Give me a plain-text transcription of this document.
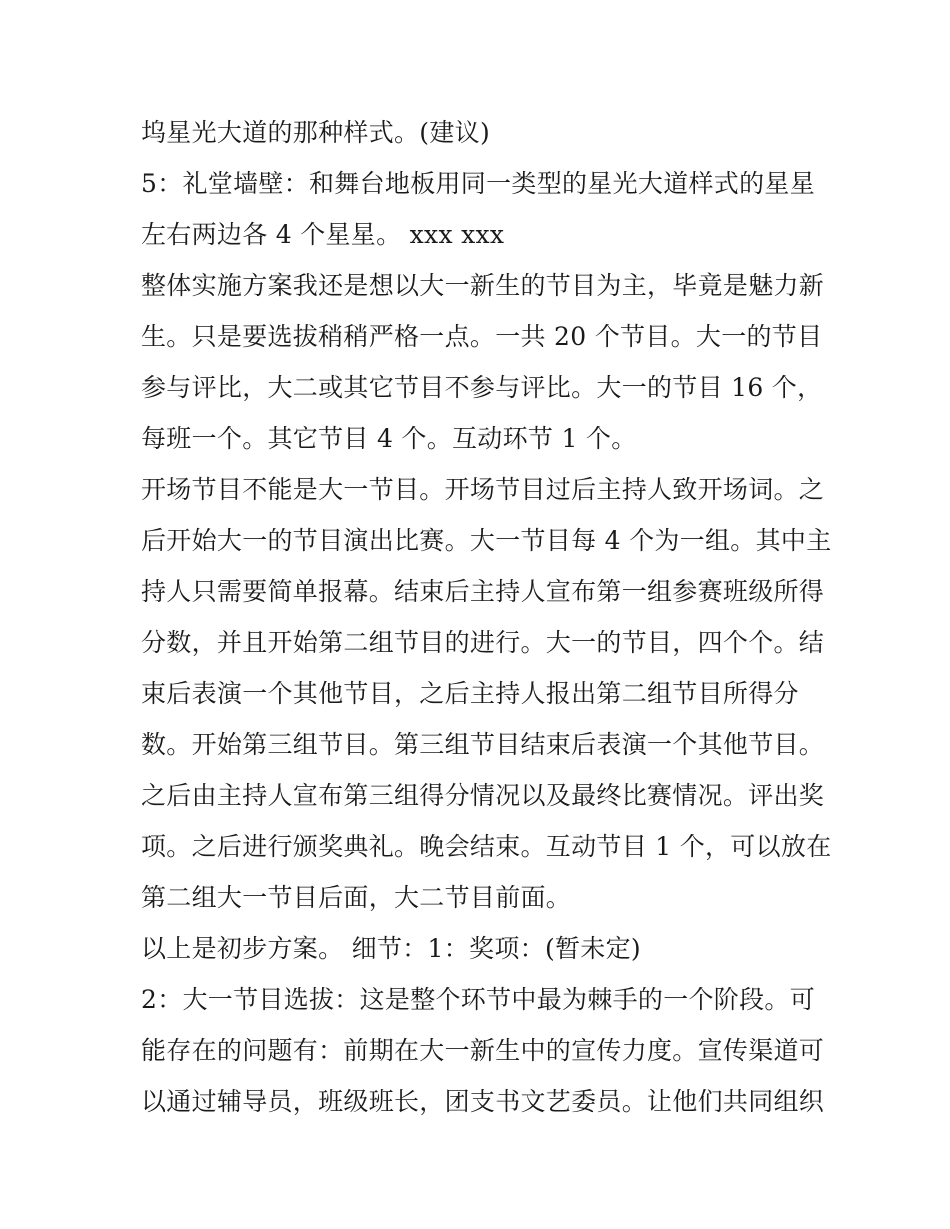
坞星光大道的那种样式。(建议)
5：礼堂墙壁：和舞台地板用同一类型的星光大道样式的星星
左右两边各 4 个星星。 xxx xxx
整体实施方案我还是想以大一新生的节目为主，毕竟是魅力新
生。只是要选拔稍稍严格一点。一共 20 个节目。大一的节目
参与评比，大二或其它节目不参与评比。大一的节目 16 个，
每班一个。其它节目 4 个。互动环节 1 个。
开场节目不能是大一节目。开场节目过后主持人致开场词。之
后开始大一的节目演出比赛。大一节目每 4 个为一组。其中主
持人只需要简单报幕。结束后主持人宣布第一组参赛班级所得
分数，并且开始第二组节目的进行。大一的节目，四个个。结
束后表演一个其他节目，之后主持人报出第二组节目所得分
数。开始第三组节目。第三组节目结束后表演一个其他节目。
之后由主持人宣布第三组得分情况以及最终比赛情况。评出奖
项。之后进行颁奖典礼。晚会结束。互动节目 1 个，可以放在
第二组大一节目后面，大二节目前面。
以上是初步方案。 细节：1：奖项：(暂未定)
2：大一节目选拔：这是整个环节中最为棘手的一个阶段。可
能存在的问题有：前期在大一新生中的宣传力度。宣传渠道可
以通过辅导员，班级班长，团支书文艺委员。让他们共同组织
